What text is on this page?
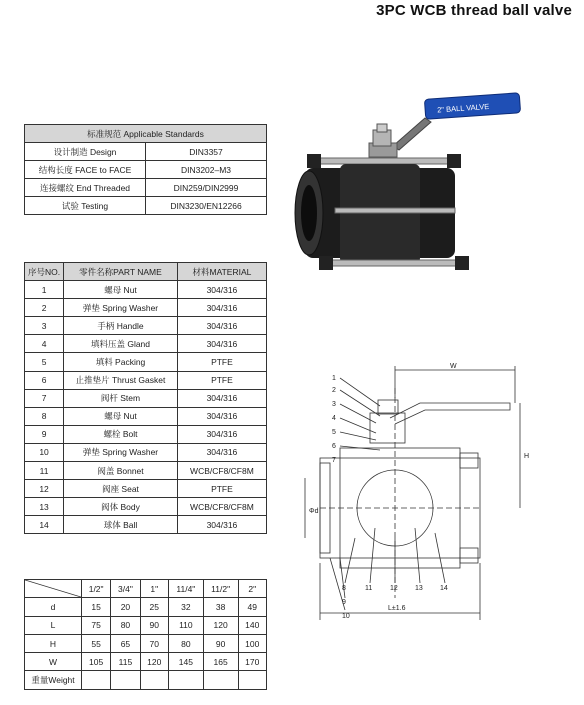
3PC WCB thread ball valve
标准规范 Applicable Standards	
设计制造 Design	DIN3357
结构长度 FACE to FACE	DIN3202–M3
连接螺纹 End Threaded	DIN259/DIN2999
试验 Testing	DIN3230/EN12266
序号NO.	零件名称PART NAME	材料MATERIAL
1	螺母 Nut	304/316
2	弹垫 Spring Washer	304/316
3	手柄 Handle	304/316
4	填料压盖 Gland	304/316
5	填料 Packing	PTFE
6	止推垫片 Thrust Gasket	PTFE
7	阀杆 Stem	304/316
8	螺母 Nut	304/316
9	螺栓 Bolt	304/316
10	弹垫 Spring Washer	304/316
11	阀盖 Bonnet	WCB/CF8/CF8M
12	阀座 Seat	PTFE
13	阀体 Body	WCB/CF8/CF8M
14	球体 Ball	304/316
	1/2"	3/4"	1"	11/4"	11/2"	2"
d	15	20	25	32	38	49
L	75	80	90	110	120	140
H	55	65	70	80	90	100
W	105	115	120	145	165	170
重量Weight						
2" BALL VALVE
1
2
3
4
5
6
7
8
9
10
11	12 13 14
W
H
Φd
L±1.6
